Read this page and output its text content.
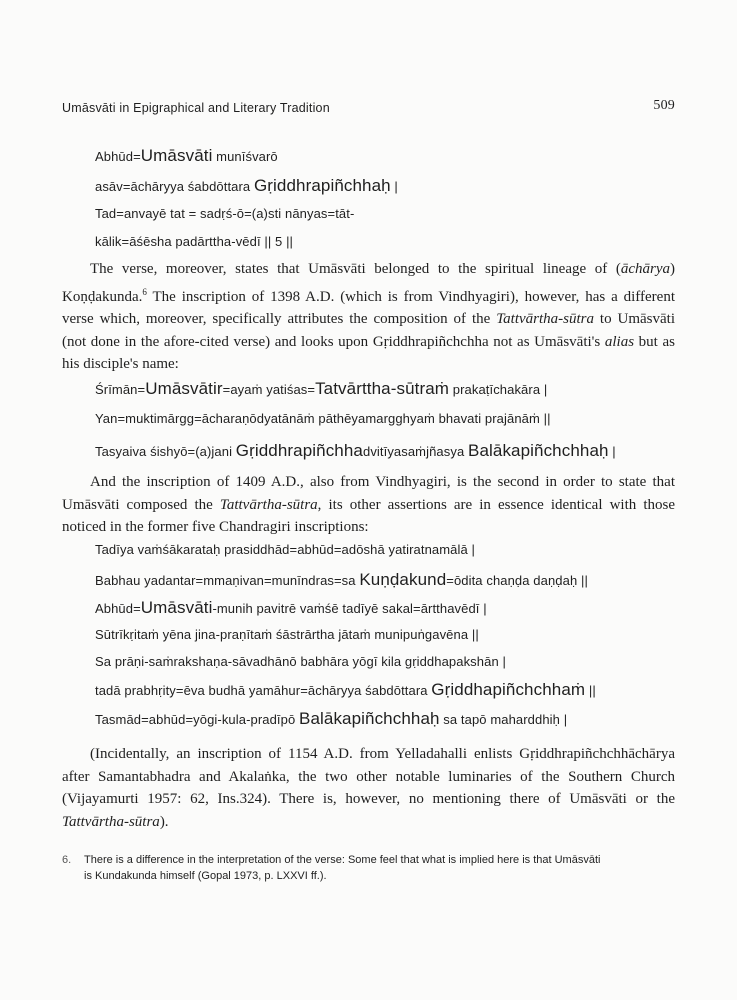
Umāsvāti in Epigraphical and Literary Tradition	509
Abhūd=Umāsvāti munīśvarō
asāv=āchāryya śabdōttara Gṛiddhrapiñchhaḥ |
Tad=anvayē tat = sadṛś-ō=(a)sti nānyas=tāt-
kālik=āśēsha padārttha-vēdī || 5 ||

The verse, moreover, states that Umāsvāti belonged to the spiritual lineage of (āchārya) Koṇḍakunda.$^6$ The inscription of 1398 A.D. (which is from Vindhyagiri), however, has a different verse which, moreover, specifically attributes the composition of the Tattvārtha-sūtra to Umāsvāti (not done in the afore-cited verse) and looks upon Gṛiddhrapiñchchha not as Umāsvāti's alias but as his disciple's name:

Śrīmān=Umāsvātir=ayaṁ yatiśas=Tatvārttha-sūtraṁ prakaṭīchakāra |
Yan=muktimārgg=ācharaṇōdyatānāṁ pāthēyamargghyaṁ bhavati prajānāṁ ||
Tasyaiva śishyō=(a)jani Gṛiddhrapiñchhadvitīyasaṁjñasya Balākapiñchchhaḥ |

And the inscription of 1409 A.D., also from Vindhyagiri, is the second in order to state that Umāsvāti composed the Tattvārtha-sūtra, its other assertions are in essence identical with those noticed in the former five Chandragiri inscriptions:

Tadīya vaṁśākarataḥ prasiddhād=abhūd=adōshā yatiratnamālā |
Babhau yadantar=mmaṇivan=munīndras=sa Kuṇḍakund=ōdita chaṇḍa daṇḍaḥ ||
Abhūd=Umāsvāti-munih pavitrē vaṁśē tadīyē sakal=ārtthavēdī |
Sūtrīkṛitaṁ yēna jina-praṇītaṁ śāstrārtha jātaṁ munipuṅgavēna ||
Sa prāṇi-saṁrakshaṇa-sāvadhānō babhāra yōgī kila gṛiddhapakshān |
tadā prabhṛity=ēva budhā yamāhur=āchāryya śabdōttara Gṛiddhapiñchchhaṁ ||
Tasmād=abhūd=yōgi-kula-pradīpō Balākapiñchchhaḥ sa tapō maharddhiḥ |

(Incidentally, an inscription of 1154 A.D. from Yelladahalli enlists Gṛiddhrapiñchchhāchārya after Samantabhadra and Akalaṅka, the two other notable luminaries of the Southern Church (Vijayamurti 1957: 62, Ins.324). There is, however, no mentioning there of Umāsvāti or the Tattvārtha-sūtra).

6. There is a difference in the interpretation of the verse: Some feel that what is implied here is that Umāsvāti
is Kundakunda himself (Gopal 1973, p. LXXVI ff.).
